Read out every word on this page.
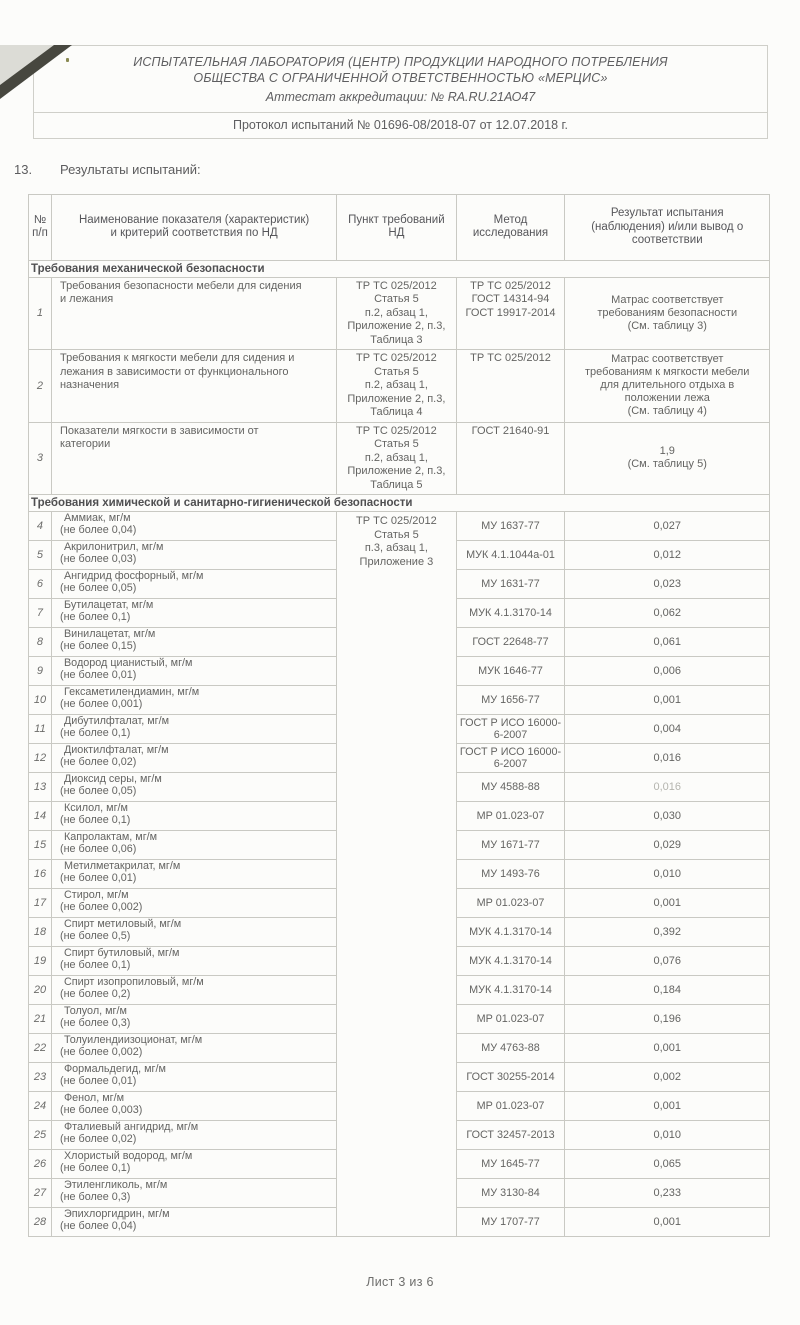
ИСПЫТАТЕЛЬНАЯ ЛАБОРАТОРИЯ (ЦЕНТР) ПРОДУКЦИИ НАРОДНОГО ПОТРЕБЛЕНИЯ
ОБЩЕСТВА С ОГРАНИЧЕННОЙ ОТВЕТСТВЕННОСТЬЮ «МЕРЦИС»
Аттестат аккредитации: № RA.RU.21АО47
Протокол испытаний № 01696-08/2018-07 от 12.07.2018 г.
13. Результаты испытаний:
№
п/п

Наименование показателя (характеристик)
и критерий соответствия по НД

Пункт требований
НД

Метод
исследования

Результат испытания
(наблюдения) и/или вывод о
соответствии

Требования механической безопасности				
1	
Требования безопасности мебели для сидения
и лежания

ТР ТС 025/2012
Статья 5
п.2, абзац 1,
Приложение 2, п.3,
Таблица 3

ТР ТС 025/2012
ГОСТ 14314-94
ГОСТ 19917-2014

Матрас соответствует
требованиям безопасности
(См. таблицу 3)

2	
Требования к мягкости мебели для сидения и
лежания в зависимости от функционального
назначения

ТР ТС 025/2012
Статья 5
п.2, абзац 1,
Приложение 2, п.3,
Таблица 4

ТР ТС 025/2012	Матрас соответствует
требованиям к мягкости мебели
для длительного отдыха в
положении лежа
(См. таблицу 4)

3	
Показатели мягкости в зависимости от
категории

ТР ТС 025/2012
Статья 5
п.2, абзац 1,
Приложение 2, п.3,
Таблица 5

ГОСТ 21640-91

1,9
(См. таблицу 5)

Требования химической и санитарно-гигиенической безопасности				
4	
Аммиак, мг/м
(не более 0,04)

ТР ТС 025/2012
Статья 5
п.3, абзац 1,
Приложение 3
	МУ 1637-77	0,027
5	Акрилонитрил, мг/м
(не более 0,03)		МУК 4.1.1044а-01	0,012
6	Ангидрид фосфорный, мг/м
(не более 0,05)		МУ 1631-77	0,023
7	Бутилацетат, мг/м
(не более 0,1)		МУК 4.1.3170-14	0,062
8	Винилацетат, мг/м
(не более 0,15)		ГОСТ 22648-77	0,061
9	Водород цианистый, мг/м
(не более 0,01)		МУК 1646-77	0,006
10	Гексаметилендиамин, мг/м
(не более 0,001)		МУ 1656-77	0,001
11	Дибутилфталат, мг/м
(не более 0,1)		ГОСТ Р ИСО 16000-6-2007	0,004
12	Диоктилфталат, мг/м
(не более 0,02)		ГОСТ Р ИСО 16000-6-2007	0,016
13	Диоксид серы, мг/м
(не более 0,05)		МУ 4588-88	0,016
14	Ксилол, мг/м
(не более 0,1)		МР 01.023-07	0,030
15	Капролактам, мг/м
(не более 0,06)		МУ 1671-77	0,029
16	Метилметакрилат, мг/м
(не более 0,01)		МУ 1493-76	0,010
17	Стирол, мг/м
(не более 0,002)		МР 01.023-07	0,001
18	Спирт метиловый, мг/м
(не более 0,5)		МУК 4.1.3170-14	0,392
19	Спирт бутиловый, мг/м
(не более 0,1)		МУК 4.1.3170-14	0,076
20	Спирт изопропиловый, мг/м
(не более 0,2)		МУК 4.1.3170-14	0,184
21	Толуол, мг/м
(не более 0,3)		МР 01.023-07	0,196
22	Толуилендиизоционат, мг/м
(не более 0,002)		МУ 4763-88	0,001
23	Формальдегид, мг/м
(не более 0,01)		ГОСТ 30255-2014	0,002
24	Фенол, мг/м
(не более 0,003)		МР 01.023-07	0,001
25	Фталиевый ангидрид, мг/м
(не более 0,02)		ГОСТ 32457-2013	0,010
26	Хлористый водород, мг/м
(не более 0,1)		МУ 1645-77	0,065
27	Этиленгликоль, мг/м
(не более 0,3)		МУ 3130-84	0,233
28	Эпихлоргидрин, мг/м
(не более 0,04)		МУ 1707-77	0,001
Лист 3 из 6
